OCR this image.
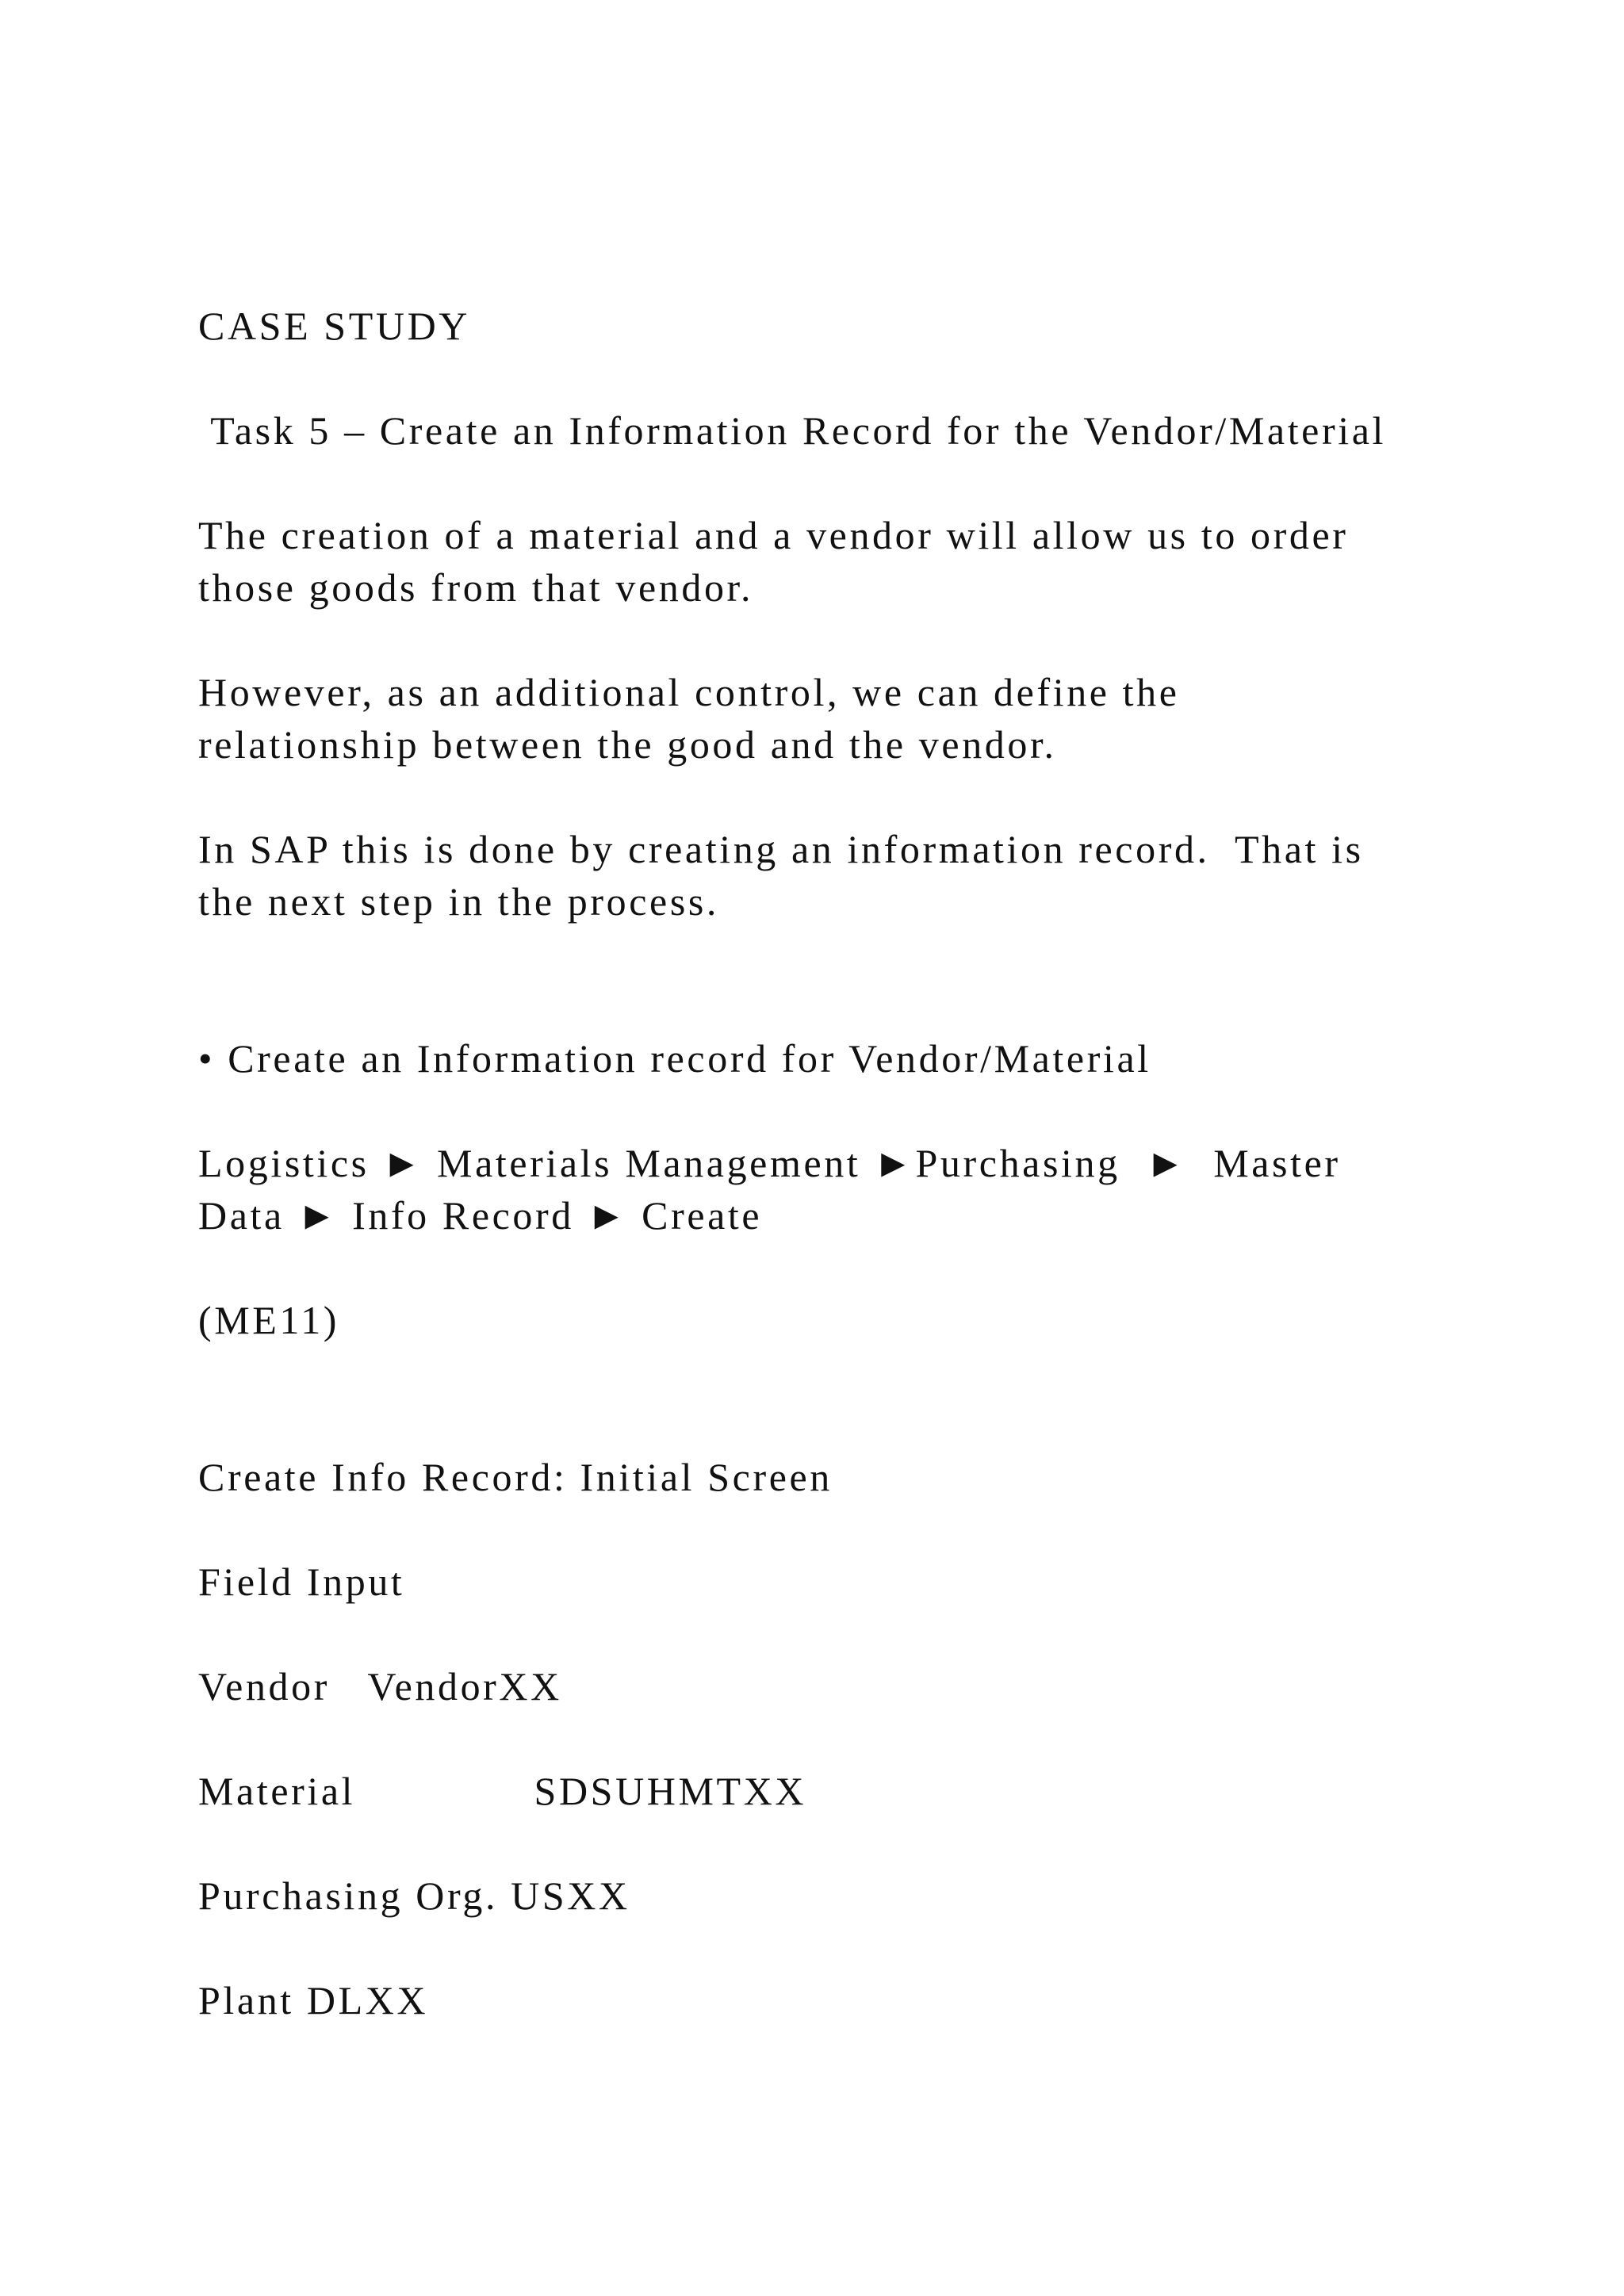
CASE STUDY

Task 5 – Create an Information Record for the Vendor/Material

The creation of a material and a vendor will allow us to order

those goods from that vendor.

However, as an additional control, we can define the

relationship between the good and the vendor.

In SAP this is done by creating an information record.  That is

the next step in the process.

• Create an Information record for Vendor/Material

Logistics ► Materials Management ►Purchasing  ►  Master

Data ► Info Record ► Create

(ME11)

Create Info Record: Initial Screen

Field Input

Vendor   VendorXX

Material              SDSUHMTXX

Purchasing Org. USXX

Plant DLXX
